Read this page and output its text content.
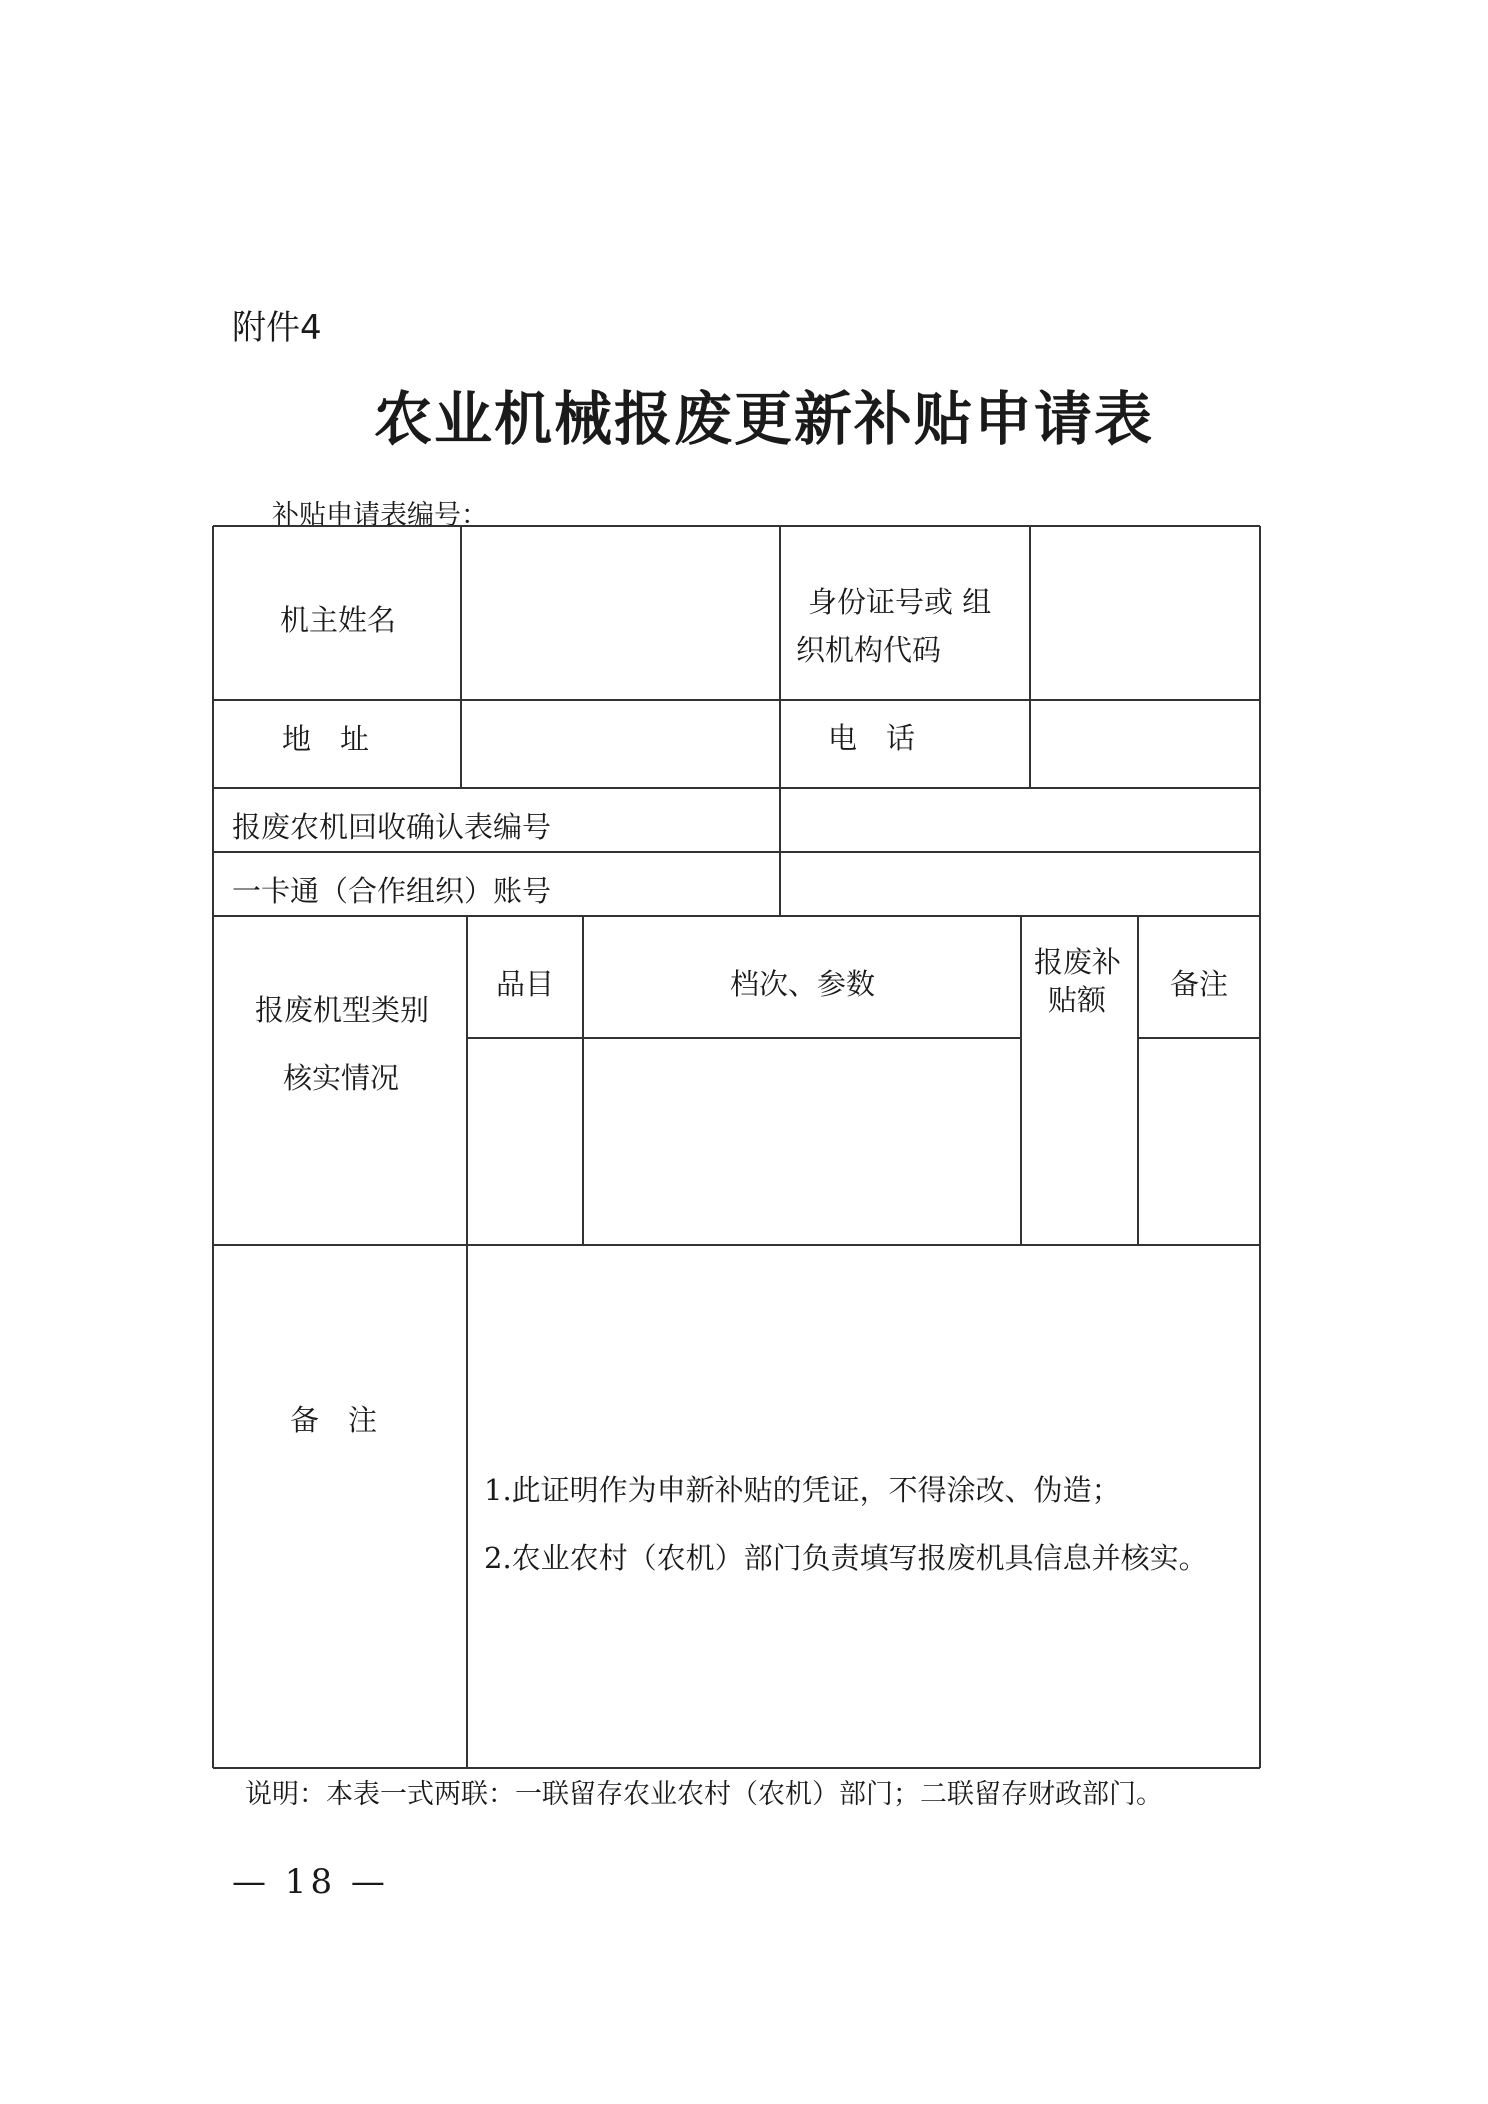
附件4
农业机械报废更新补贴申请表
补贴申请表编号：
机主姓名
身份证号或 组
织机构代码
地　址	电　话
报废农机回收确认表编号
一卡通（合作组织）账号
报废机型类别
核实情况
品目	档次、参数
报废补
贴额 备注
备　注
1.此证明作为申新补贴的凭证，不得涂改、伪造；
2.农业农村（农机）部门负责填写报废机具信息并核实。
说明：本表一式两联：一联留存农业农村（农机）部门；二联留存财政部门。
— 18 —
